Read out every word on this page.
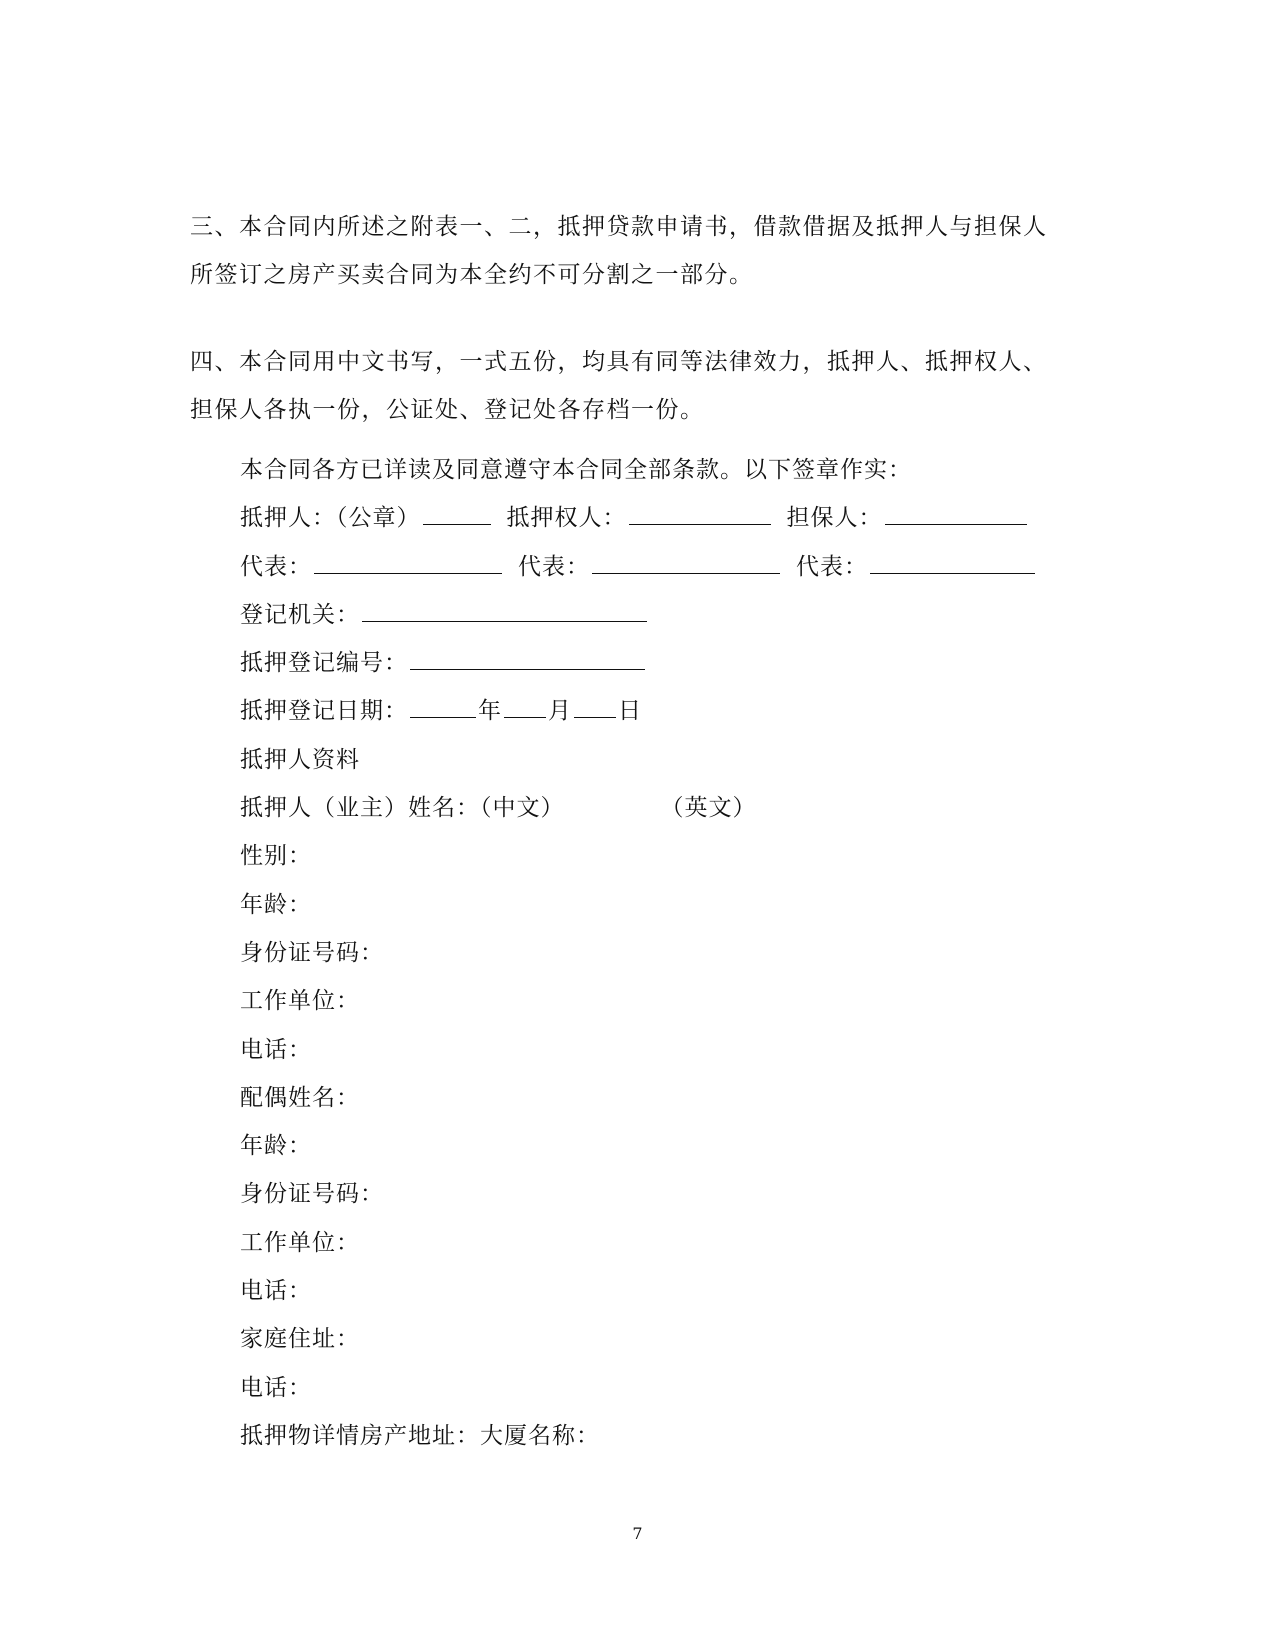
三、本合同内所述之附表一、二，抵押贷款申请书，借款借据及抵押人与担保人
所签订之房产买卖合同为本全约不可分割之一部分。
四、本合同用中文书写，一式五份，均具有同等法律效力，抵押人、抵押权人、
担保人各执一份，公证处、登记处各存档一份。
本合同各方已详读及同意遵守本合同全部条款。以下签章作实：
抵押人：（公章）	抵押权人：	担保人：
代表：	代表：	代表：
登记机关：
抵押登记编号：
抵押登记日期：	年 月 日
抵押人资料
抵押人（业主）姓名：（中文）	（英文）
性别：
年龄：
身份证号码：
工作单位：
电话：
配偶姓名：
年龄：
身份证号码：
工作单位：
电话：
家庭住址：
电话：
抵押物详情房产地址：大厦名称：
7
